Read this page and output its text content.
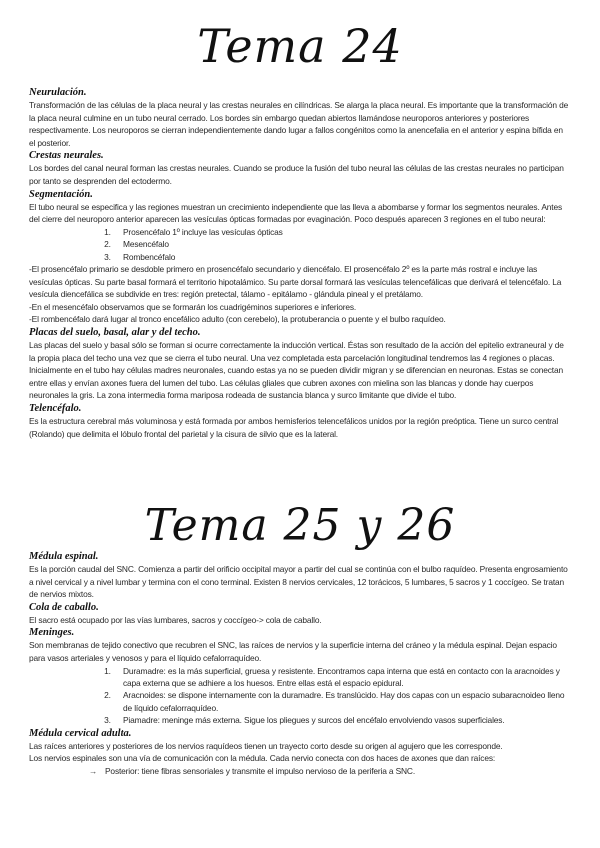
Tema 24
Neurulación.

Transformación de las células de la placa neural y las crestas neurales en cilíndricas. Se alarga la placa neural. Es importante que la transformación de la placa neural culmine en un tubo neural cerrado. Los bordes sin embargo quedan abiertos llamándose neuroporos anteriores y posteriores respectivamente. Los neuroporos se cierran independientemente dando lugar a fallos congénitos como la anencefalia en el anterior y espina bífida en el posterior.

Crestas neurales.

Los bordes del canal neural forman las crestas neurales. Cuando se produce la fusión del tubo neural las células de las crestas neurales no participan por tanto se desprenden del ectodermo.

Segmentación.

El tubo neural se especifica y las regiones muestran un crecimiento independiente que las lleva a abombarse y formar los segmentos neurales. Antes del cierre del neuroporo anterior aparecen las vesículas ópticas formadas por evaginación. Poco después aparecen 3 regiones en el tubo neural:

1. Prosencéfalo 1º incluye las vesículas ópticas
2. Mesencéfalo
3. Rombencéfalo

-El prosencéfalo primario se desdoble primero en prosencéfalo secundario y diencéfalo. El prosencéfalo 2º es la parte más rostral e incluye las vesículas ópticas. Su parte basal formará el territorio hipotalámico. Su parte dorsal formará las vesículas telencefálicas que derivará el telencéfalo. La vesícula diencefálica se subdivide en tres: región pretectal, tálamo - epitálamo - glándula pineal y el pretálamo.

-En el mesencéfalo observamos que se formarán los cuadrigéminos superiores e inferiores.

-El rombencéfalo dará lugar al tronco encefálico adulto (con cerebelo), la protuberancia o puente y el bulbo raquídeo.

Placas del suelo, basal, alar y del techo.

Las placas del suelo y basal sólo se forman si ocurre correctamente la inducción vertical. Éstas son resultado de la acción del epitelio extraneural y de la propia placa del techo una vez que se cierra el tubo neural. Una vez completada esta parcelación longitudinal tendremos las 4 regiones o placas.

Inicialmente en el tubo hay células madres neuronales, cuando estas ya no se pueden dividir migran y se diferencian en neuronas. Estas se conectan entre ellas y envían axones fuera del lumen del tubo. Las células gliales que cubren axones con mielina son las blancas y donde hay cuerpos neuronales la gris. La zona intermedia forma mariposa rodeada de sustancia blanca y surco limitante que divide el tubo.

Telencéfalo.

Es la estructura cerebral más voluminosa y está formada por ambos hemisferios telencefálicos unidos por la región preóptica. Tiene un surco central (Rolando) que delimita el lóbulo frontal del parietal y la cisura de silvio que es la lateral.

Tema 25 y 26
Médula espinal.

Es la porción caudal del SNC. Comienza a partir del orificio occipital mayor a partir del cual se continúa con el bulbo raquídeo. Presenta engrosamiento a nivel cervical y a nivel lumbar y termina con el cono terminal. Existen 8 nervios cervicales, 12 torácicos, 5 lumbares, 5 sacros y 1 coccígeo. Se tratan de nervios mixtos.

Cola de caballo.

El sacro está ocupado por las vías lumbares, sacros y coccígeo-> cola de caballo.

Meninges.

Son membranas de tejido conectivo que recubren el SNC, las raíces de nervios y la superficie interna del cráneo y la médula espinal. Dejan espacio para vasos arteriales y venosos y para el líquido cefalorraquídeo.

1. Duramadre: es la más superficial, gruesa y resistente. Encontramos capa interna que está en contacto con la aracnoides y capa externa que se adhiere a los huesos. Entre ellas está el espacio epidural.
2. Aracnoides: se dispone internamente con la duramadre. Es translúcido. Hay dos capas con un espacio subaracnoideo lleno de líquido cefalorraquídeo.
3. Piamadre: meninge más externa. Sigue los pliegues y surcos del encéfalo envolviendo vasos superficiales.
Médula cervical adulta.

Las raíces anteriores y posteriores de los nervios raquídeos tienen un trayecto corto desde su origen al agujero que les corresponde.

Los nervios espinales son una vía de comunicación con la médula. Cada nervio conecta con dos haces de axones que dan raíces:

→ Posterior: tiene fibras sensoriales y transmite el impulso nervioso de la periferia a SNC.
